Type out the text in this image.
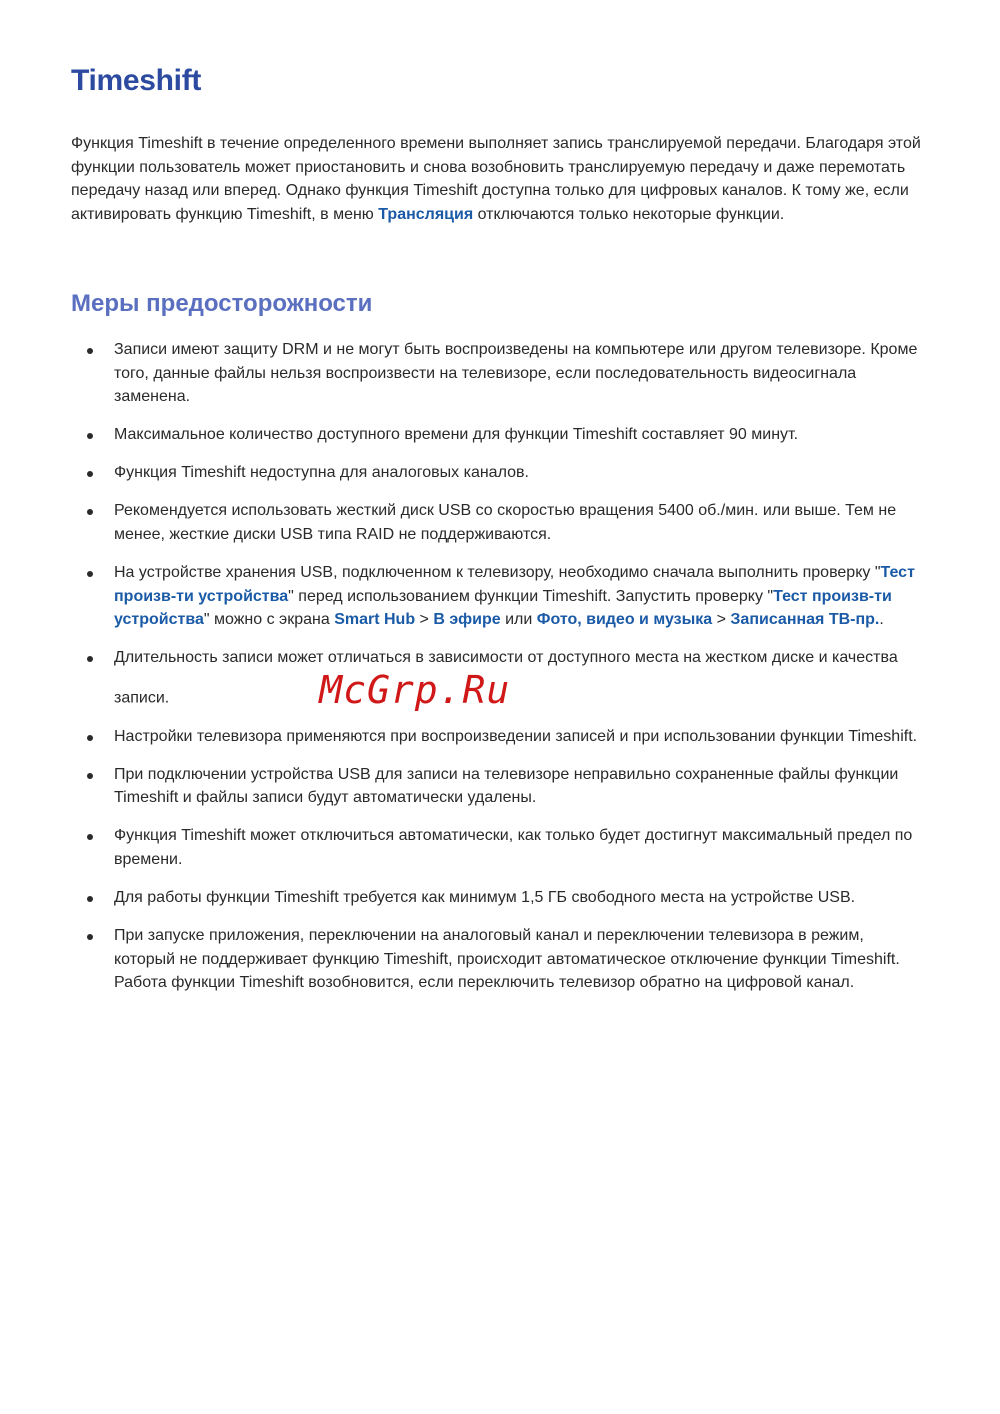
Timeshift

Функция Timeshift в течение определенного времени выполняет запись транслируемой передачи. Благодаря этой функции пользователь может приостановить и снова возобновить транслируемую передачу и даже перемотать передачу назад или вперед. Однако функция Timeshift доступна только для цифровых каналов. К тому же, если активировать функцию Timeshift, в меню Трансляция отключаются только некоторые функции.

Меры предосторожности
Записи имеют защиту DRM и не могут быть воспроизведены на компьютере или другом телевизоре. Кроме того, данные файлы нельзя воспроизвести на телевизоре, если последовательность видеосигнала заменена.
Максимальное количество доступного времени для функции Timeshift составляет 90 минут.
Функция Timeshift недоступна для аналоговых каналов.
Рекомендуется использовать жесткий диск USB со скоростью вращения 5400 об./мин. или выше. Тем не менее, жесткие диски USB типа RAID не поддерживаются.
На устройстве хранения USB, подключенном к телевизору, необходимо сначала выполнить проверку "Тест произв-ти устройства" перед использованием функции Timeshift. Запустить проверку "Тест произв-ти устройства" можно с экрана Smart Hub > В эфире или Фото, видео и музыка > Записанная ТВ-пр..
Длительность записи может отличаться в зависимости от доступного места на жестком диске и качества записи.	McGrp.Ru
Настройки телевизора применяются при воспроизведении записей и при использовании функции Timeshift.
При подключении устройства USB для записи на телевизоре неправильно сохраненные файлы функции Timeshift и файлы записи будут автоматически удалены.
Функция Timeshift может отключиться автоматически, как только будет достигнут максимальный предел по времени.
Для работы функции Timeshift требуется как минимум 1,5 ГБ свободного места на устройстве USB.
При запуске приложения, переключении на аналоговый канал и переключении телевизора в режим, который не поддерживает функцию Timeshift, происходит автоматическое отключение функции Timeshift. Работа функции Timeshift возобновится, если переключить телевизор обратно на цифровой канал.
